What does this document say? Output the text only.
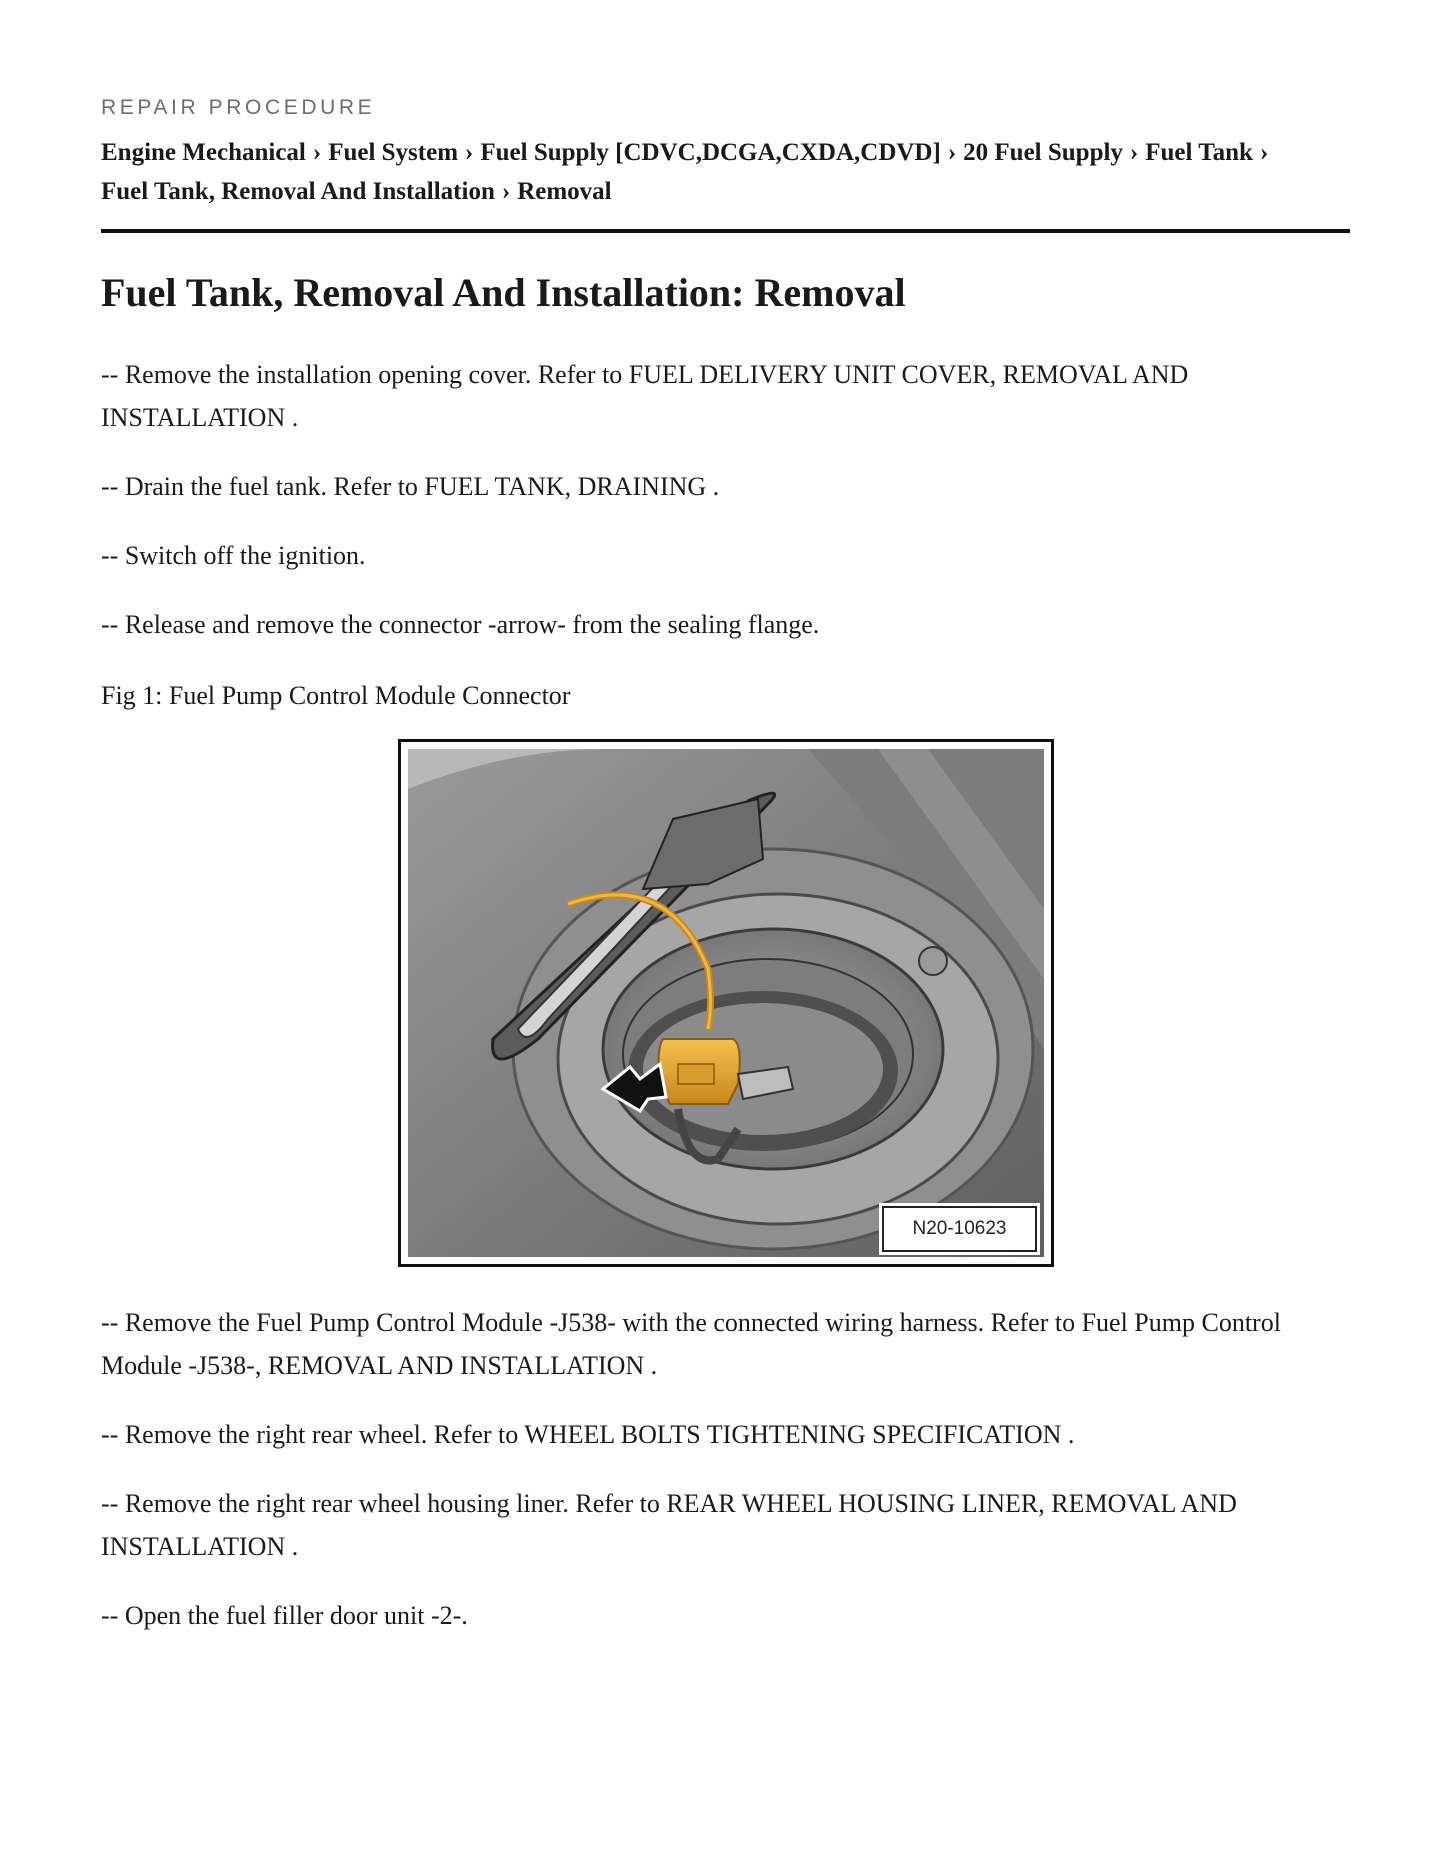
REPAIR PROCEDURE

Engine Mechanical › Fuel System › Fuel Supply [CDVC,DCGA,CXDA,CDVD] › 20 Fuel Supply › Fuel Tank ›
Fuel Tank, Removal And Installation › Removal
Fuel Tank, Removal And Installation: Removal

-- Remove the installation opening cover. Refer to FUEL DELIVERY UNIT COVER, REMOVAL AND INSTALLATION .

-- Drain the fuel tank. Refer to FUEL TANK, DRAINING .

-- Switch off the ignition.

-- Release and remove the connector -arrow- from the sealing flange.

Fig 1: Fuel Pump Control Module Connector

N20-10623

-- Remove the Fuel Pump Control Module -J538- with the connected wiring harness. Refer to Fuel Pump Control Module -J538-, REMOVAL AND INSTALLATION .

-- Remove the right rear wheel. Refer to WHEEL BOLTS TIGHTENING SPECIFICATION .

-- Remove the right rear wheel housing liner. Refer to REAR WHEEL HOUSING LINER, REMOVAL AND INSTALLATION .

-- Open the fuel filler door unit -2-.
